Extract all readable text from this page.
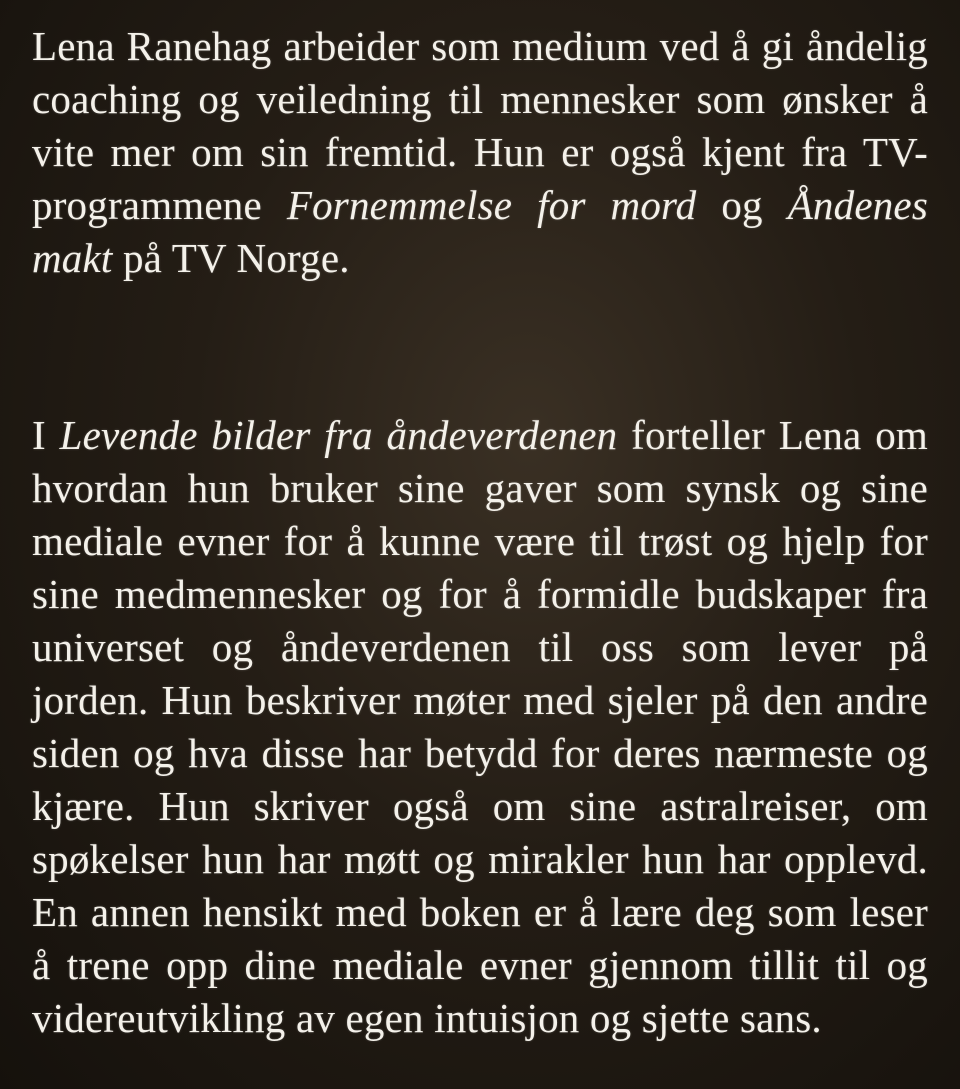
Lena Ranehag arbeider som medium ved å gi åndelig coaching og veiledning til mennesker som ønsker å vite mer om sin fremtid. Hun er også kjent fra TV-programmene Fornemmelse for mord og Åndenes makt på TV Norge.

I Levende bilder fra åndeverdenen forteller Lena om hvordan hun bruker sine gaver som synsk og sine mediale evner for å kunne være til trøst og hjelp for sine medmennesker og for å formidle budskaper fra universet og åndeverdenen til oss som lever på jorden. Hun beskriver møter med sjeler på den andre siden og hva disse har betydd for deres nærmeste og kjære. Hun skriver også om sine astralreiser, om spøkelser hun har møtt og mirakler hun har opplevd. En annen hensikt med boken er å lære deg som leser å trene opp dine mediale evner gjennom tillit til og videreutvikling av egen intuisjon og sjette sans.
